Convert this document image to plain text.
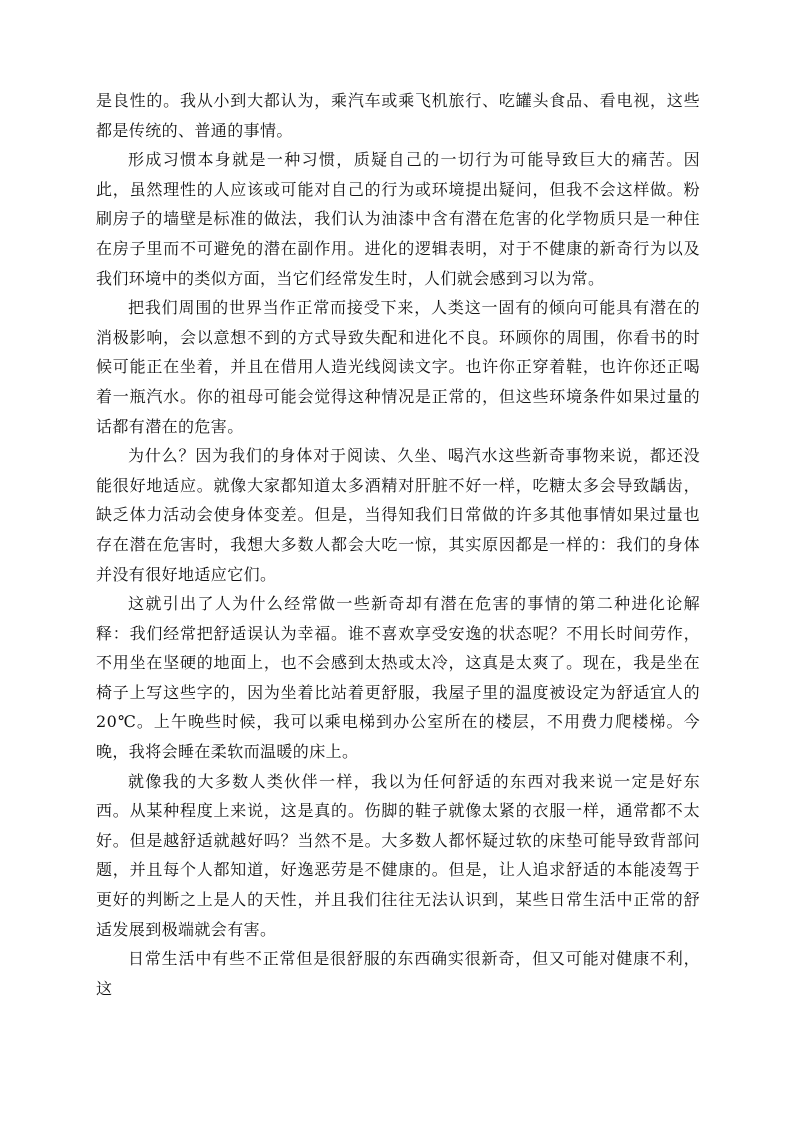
是良性的。我从小到大都认为，乘汽车或乘飞机旅行、吃罐头食品、看电视，这些都是传统的、普通的事情。

形成习惯本身就是一种习惯，质疑自己的一切行为可能导致巨大的痛苦。因此，虽然理性的人应该或可能对自己的行为或环境提出疑问，但我不会这样做。粉刷房子的墙壁是标准的做法，我们认为油漆中含有潜在危害的化学物质只是一种住在房子里而不可避免的潜在副作用。进化的逻辑表明，对于不健康的新奇行为以及我们环境中的类似方面，当它们经常发生时，人们就会感到习以为常。

把我们周围的世界当作正常而接受下来，人类这一固有的倾向可能具有潜在的消极影响，会以意想不到的方式导致失配和进化不良。环顾你的周围，你看书的时候可能正在坐着，并且在借用人造光线阅读文字。也许你正穿着鞋，也许你还正喝着一瓶汽水。你的祖母可能会觉得这种情况是正常的，但这些环境条件如果过量的话都有潜在的危害。

为什么？因为我们的身体对于阅读、久坐、喝汽水这些新奇事物来说，都还没能很好地适应。就像大家都知道太多酒精对肝脏不好一样，吃糖太多会导致龋齿，缺乏体力活动会使身体变差。但是，当得知我们日常做的许多其他事情如果过量也存在潜在危害时，我想大多数人都会大吃一惊，其实原因都是一样的：我们的身体并没有很好地适应它们。

这就引出了人为什么经常做一些新奇却有潜在危害的事情的第二种进化论解释：我们经常把舒适误认为幸福。谁不喜欢享受安逸的状态呢？不用长时间劳作，不用坐在坚硬的地面上，也不会感到太热或太冷，这真是太爽了。现在，我是坐在椅子上写这些字的，因为坐着比站着更舒服，我屋子里的温度被设定为舒适宜人的20℃。上午晚些时候，我可以乘电梯到办公室所在的楼层，不用费力爬楼梯。今晚，我将会睡在柔软而温暖的床上。

就像我的大多数人类伙伴一样，我以为任何舒适的东西对我来说一定是好东西。从某种程度上来说，这是真的。伤脚的鞋子就像太紧的衣服一样，通常都不太好。但是越舒适就越好吗？当然不是。大多数人都怀疑过软的床垫可能导致背部问题，并且每个人都知道，好逸恶劳是不健康的。但是，让人追求舒适的本能凌驾于更好的判断之上是人的天性，并且我们往往无法认识到，某些日常生活中正常的舒适发展到极端就会有害。

日常生活中有些不正常但是很舒服的东西确实很新奇，但又可能对健康不利，这
